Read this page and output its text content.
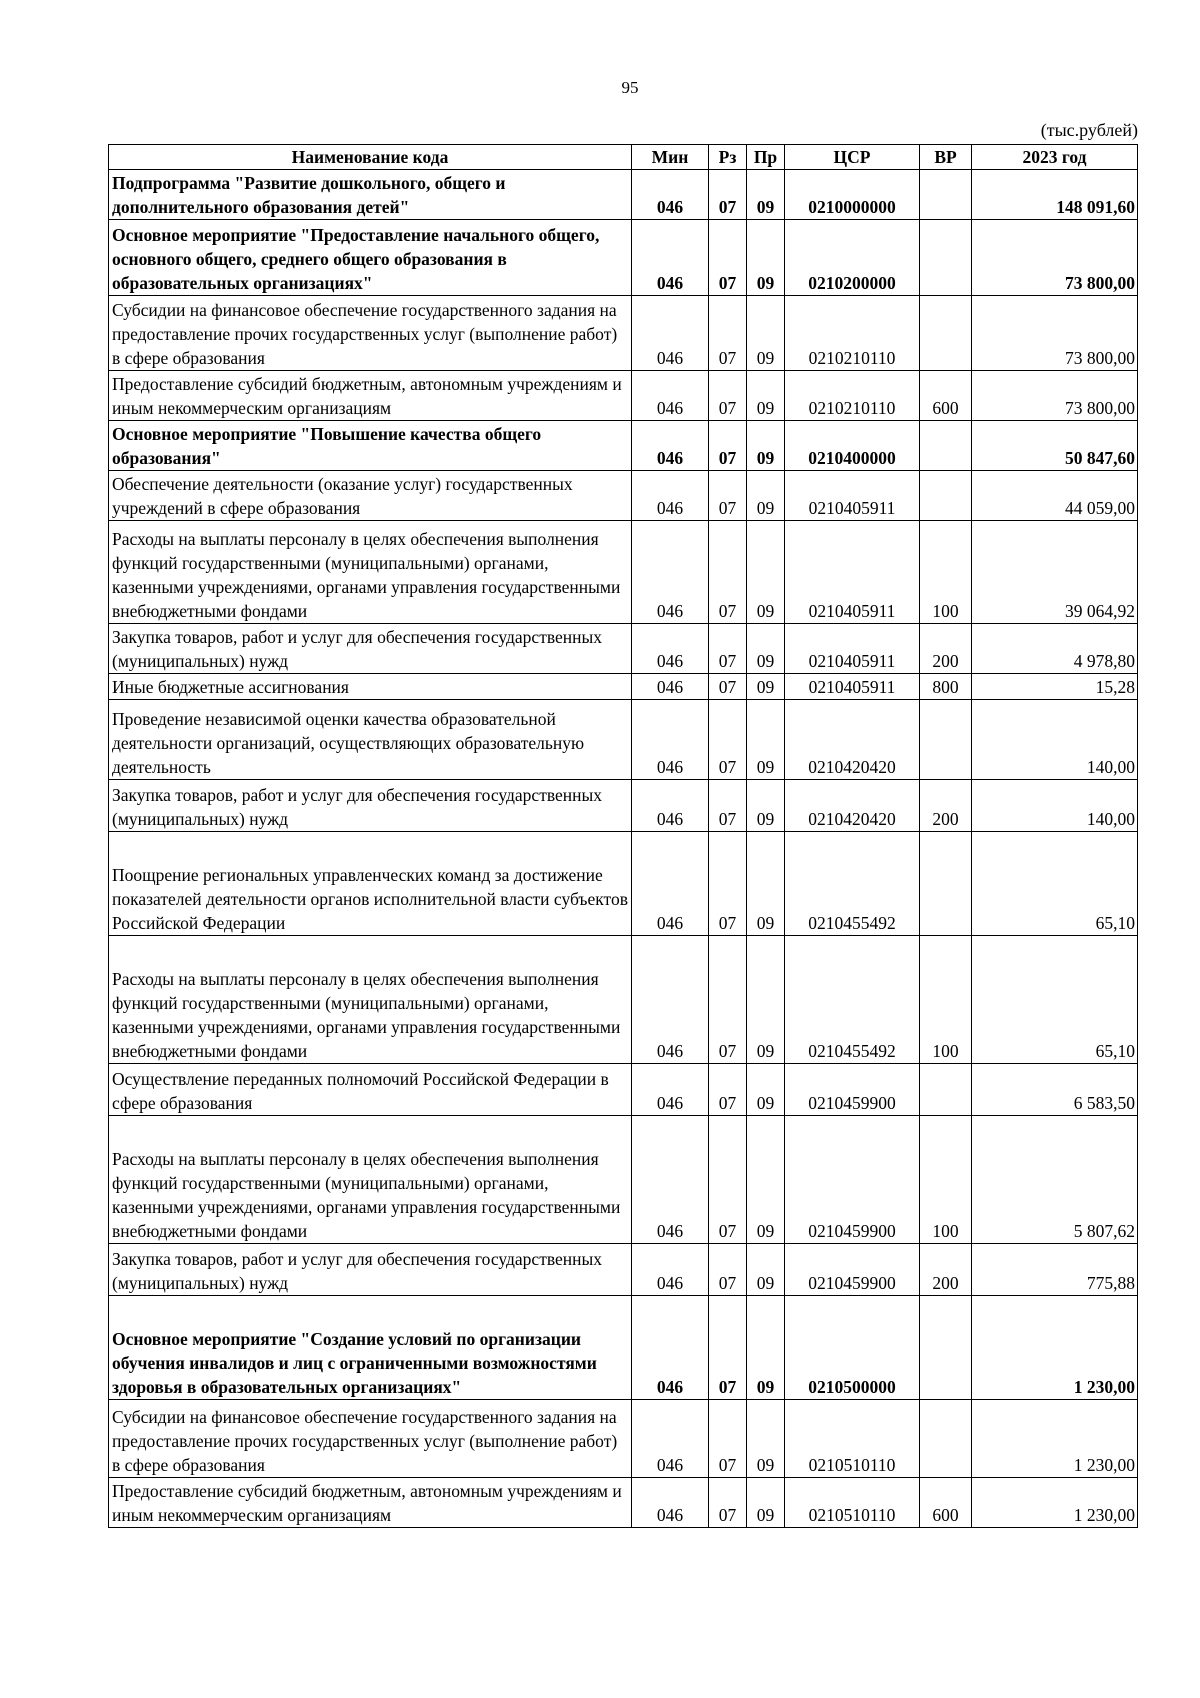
95
(тыс.рублей)
Наименование кода	Мин	Рз	Пр	ЦСР	ВР	2023 год
Подпрограмма "Развитие дошкольного, общего и дополнительного образования детей"	046	07	09	0210000000		148 091,60
Основное мероприятие "Предоставление начального общего, основного общего, среднего общего образования в образовательных организациях"	046	07	09	0210200000		73 800,00
Субсидии на финансовое обеспечение государственного задания на предоставление прочих государственных услуг (выполнение работ) в сфере образования	046	07	09	0210210110		73 800,00
Предоставление субсидий бюджетным, автономным учреждениям и иным некоммерческим организациям	046	07	09	0210210110	600	73 800,00
Основное мероприятие "Повышение качества общего образования"	046	07	09	0210400000		50 847,60
Обеспечение деятельности (оказание услуг) государственных учреждений в сфере образования	046	07	09	0210405911		44 059,00
Расходы на выплаты персоналу в целях обеспечения выполнения функций государственными (муниципальными) органами, казенными учреждениями, органами управления государственными внебюджетными фондами	046	07	09	0210405911	100	39 064,92
Закупка товаров, работ и услуг для обеспечения государственных (муниципальных) нужд	046	07	09	0210405911	200	4 978,80
Иные бюджетные ассигнования	046	07	09	0210405911	800	15,28
Проведение независимой оценки качества образовательной деятельности организаций, осуществляющих образовательную деятельность	046	07	09	0210420420		140,00
Закупка товаров, работ и услуг для обеспечения государственных (муниципальных) нужд	046	07	09	0210420420	200	140,00
Поощрение региональных управленческих команд за достижение показателей деятельности органов исполнительной власти субъектов Российской Федерации	046	07	09	0210455492		65,10
Расходы на выплаты персоналу в целях обеспечения выполнения функций государственными (муниципальными) органами, казенными учреждениями, органами управления государственными внебюджетными фондами	046	07	09	0210455492	100	65,10
Осуществление переданных полномочий Российской Федерации в сфере образования	046	07	09	0210459900		6 583,50
Расходы на выплаты персоналу в целях обеспечения выполнения функций государственными (муниципальными) органами, казенными учреждениями, органами управления государственными внебюджетными фондами	046	07	09	0210459900	100	5 807,62
Закупка товаров, работ и услуг для обеспечения государственных (муниципальных) нужд	046	07	09	0210459900	200	775,88
Основное мероприятие "Создание условий по организации обучения инвалидов и лиц с ограниченными возможностями здоровья в образовательных организациях"	046	07	09	0210500000		1 230,00
Субсидии на финансовое обеспечение государственного задания на предоставление прочих государственных услуг (выполнение работ) в сфере образования	046	07	09	0210510110		1 230,00
Предоставление субсидий бюджетным, автономным учреждениям и иным некоммерческим организациям	046	07	09	0210510110	600	1 230,00
